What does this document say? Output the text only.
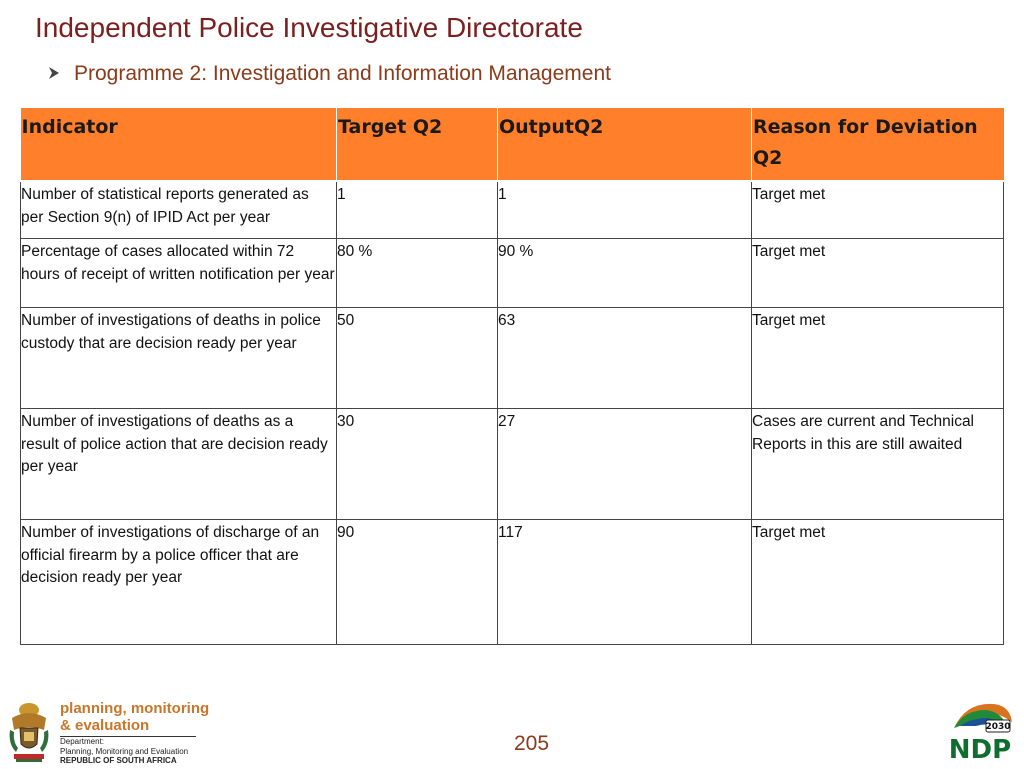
Independent Police Investigative Directorate
Programme 2: Investigation and Information Management
Indicator	Target Q2	OutputQ2	Reason for Deviation Q2
Number of statistical reports generated as per Section 9(n) of IPID Act per year	1	1	Target met
Percentage of cases allocated within 72 hours of receipt of written notification per year	80 %	90 %	Target met
Number of investigations of deaths in police custody that are decision ready per year	50	63	Target met
Number of investigations of deaths as a result of police action that are decision ready per year	30	27	Cases are current and Technical Reports in this are still awaited
Number of investigations of discharge of an official firearm by a police officer that are decision ready per year	90	117	Target met
planning, monitoring
& evaluation
Department:
Planning, Monitoring and Evaluation
REPUBLIC OF SOUTH AFRICA
205
2030
NDP
